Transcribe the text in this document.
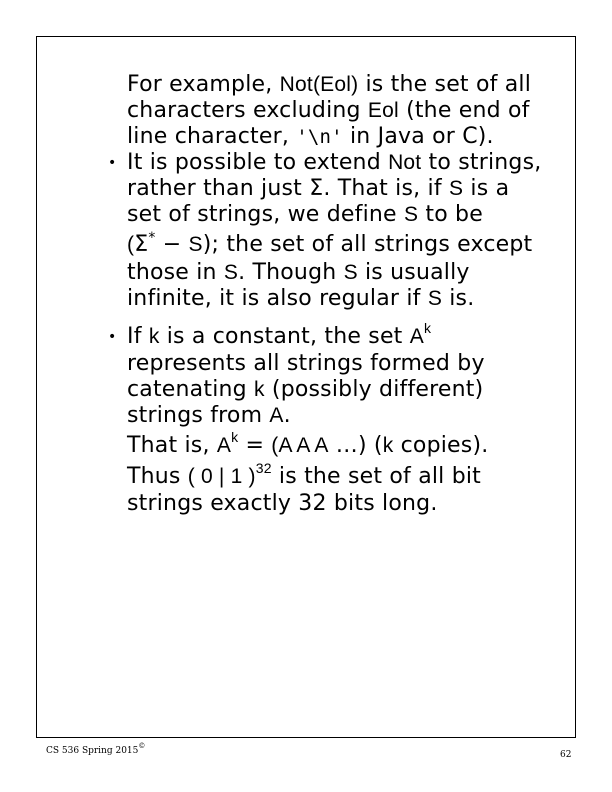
For example, Not(Eol) is the set of all characters excluding Eol (the end of line character, '\n' in Java or C).

• It is possible to extend Not to strings, rather than just Σ. That is, if S is a set of strings, we define S to be

(Σ* − S); the set of all strings except those in S. Though S is usually infinite, it is also regular if S is.

• If k is a constant, the set $A^k$ represents all strings formed by catenating k (possibly different) strings from A.

That is, $A^k = (A$ A A …) (k copies).

Thus ( 0 | 1 )$^{32}$ is the set of all bit strings exactly 32 bits long.

CS 536 Spring 2015©
62
